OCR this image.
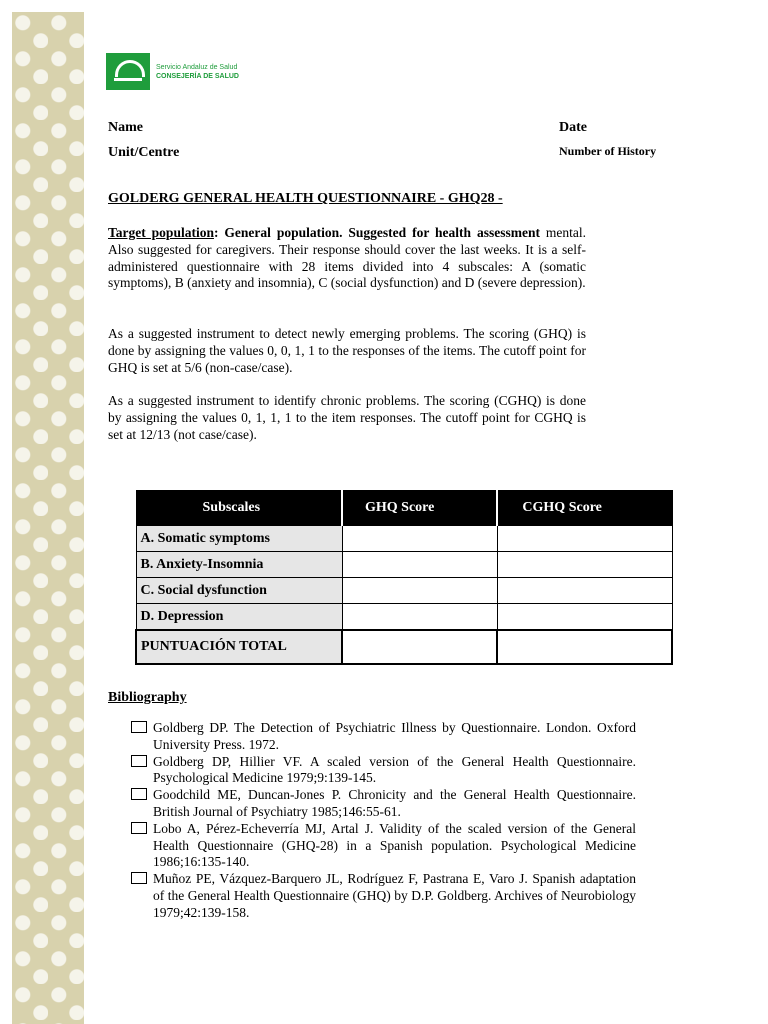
Servicio Andaluz de Salud
CONSEJERÍA DE SALUD
Name
Unit/Centre
Date
Number of History
GOLDERG GENERAL HEALTH QUESTIONNAIRE - GHQ28 -
Target population: General population. Suggested for health assessment mental. Also suggested for caregivers. Their response should cover the last weeks. It is a self-administered questionnaire with 28 items divided into 4 subscales: A (somatic symptoms), B (anxiety and insomnia), C (social dysfunction) and D (severe depression).
As a suggested instrument to detect newly emerging problems. The scoring (GHQ) is done by assigning the values 0, 0, 1, 1 to the responses of the items. The cutoff point for GHQ is set at 5/6 (non-case/case).
As a suggested instrument to identify chronic problems. The scoring (CGHQ) is done by assigning the values 0, 1, 1, 1 to the item responses. The cutoff point for CGHQ is set at 12/13 (not case/case).
Subscales	GHQ Score	CGHQ Score
A. Somatic symptoms		
B. Anxiety-Insomnia		
C. Social dysfunction		
D. Depression		
PUNTUACIÓN TOTAL		
Bibliography
Goldberg DP. The Detection of Psychiatric Illness by Questionnaire. London. Oxford University Press. 1972.
Goldberg DP, Hillier VF. A scaled version of the General Health Questionnaire. Psychological Medicine 1979;9:139-145.
Goodchild ME, Duncan-Jones P. Chronicity and the General Health Questionnaire. British Journal of Psychiatry 1985;146:55-61.
Lobo A, Pérez-Echeverría MJ, Artal J. Validity of the scaled version of the General Health Questionnaire (GHQ-28) in a Spanish population. Psychological Medicine 1986;16:135-140.
Muñoz PE, Vázquez-Barquero JL, Rodríguez F, Pastrana E, Varo J. Spanish adaptation of the General Health Questionnaire (GHQ) by D.P. Goldberg. Archives of Neurobiology 1979;42:139-158.
